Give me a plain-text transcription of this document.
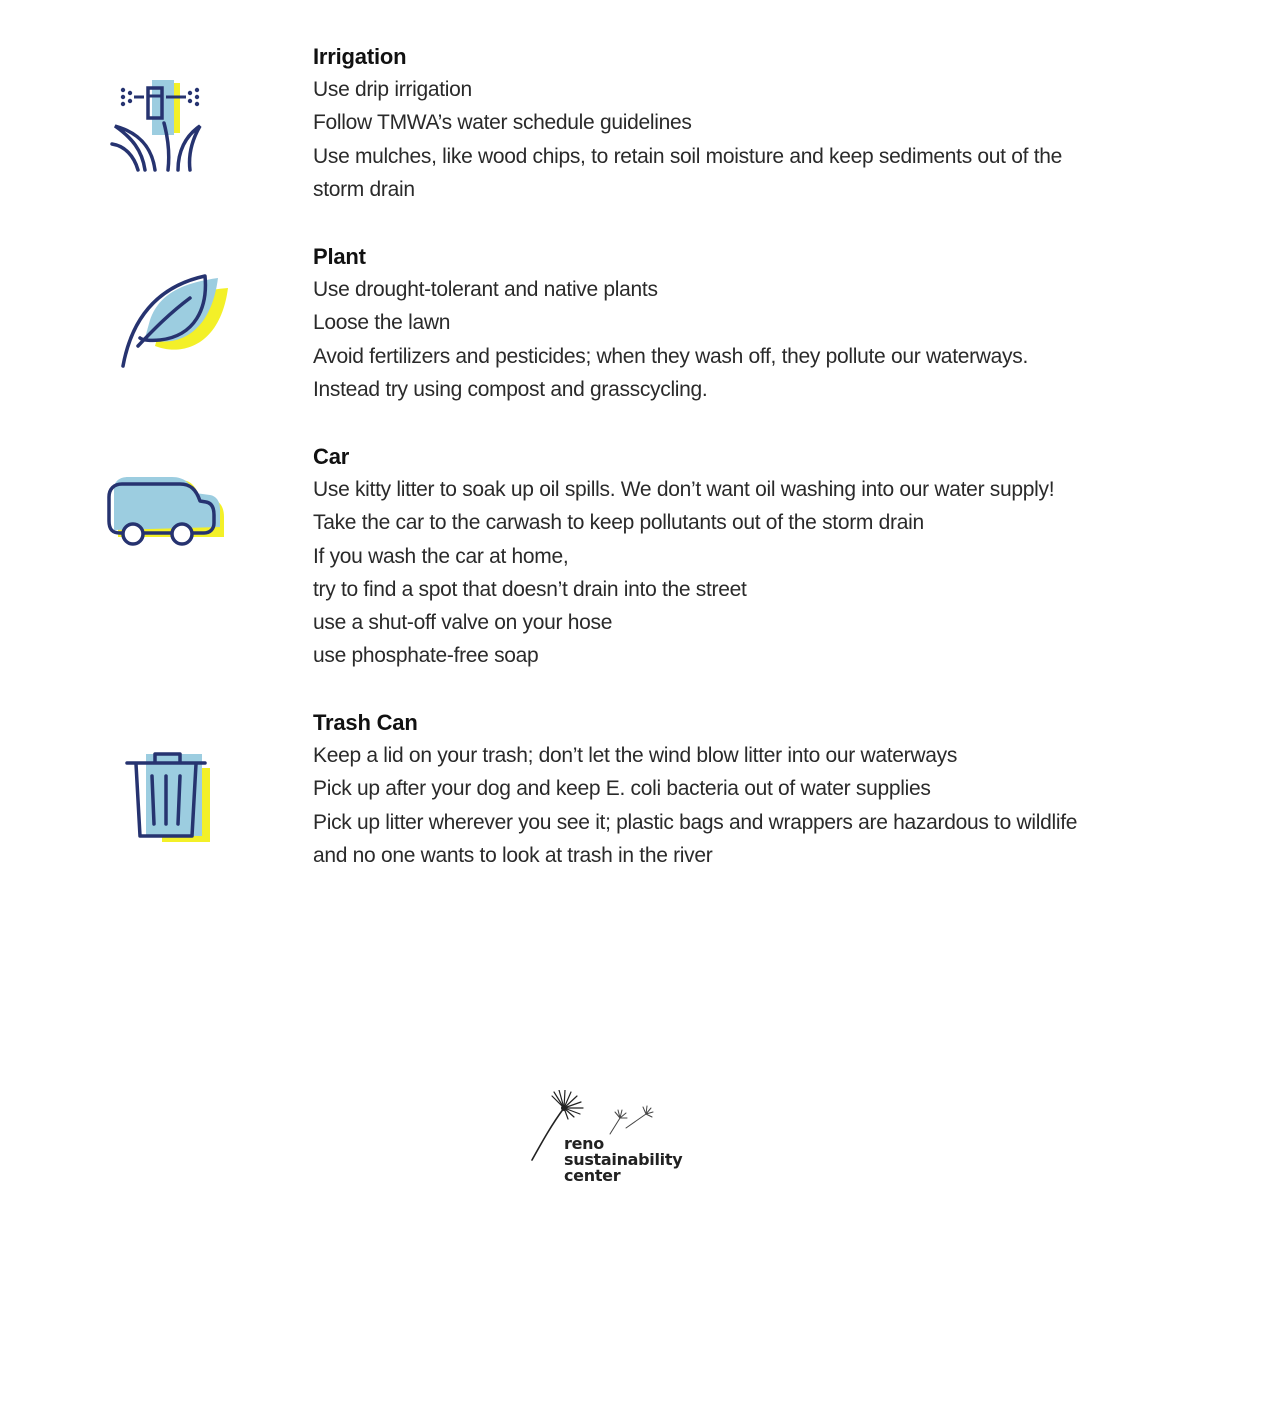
Irrigation
Use drip irrigation
Follow TMWA’s water schedule guidelines
Use mulches, like wood chips, to retain soil moisture and keep sediments out of the
storm drain
Plant
Use drought-tolerant and native plants
Loose the lawn
Avoid fertilizers and pesticides; when they wash off, they pollute our waterways.
Instead try using compost and grasscycling.
Car
Use kitty litter to soak up oil spills. We don’t want oil washing into our water supply!
Take the car to the carwash to keep pollutants out of the storm drain
If you wash the car at home,
try to find a spot that doesn’t drain into the street
use a shut-off valve on your hose
use phosphate-free soap
Trash Can
Keep a lid on your trash; don’t let the wind blow litter into our waterways
Pick up after your dog and keep E. coli bacteria out of water supplies
Pick up litter wherever you see it; plastic bags and wrappers are hazardous to wildlife
and no one wants to look at trash in the river
reno
sustainability
center
